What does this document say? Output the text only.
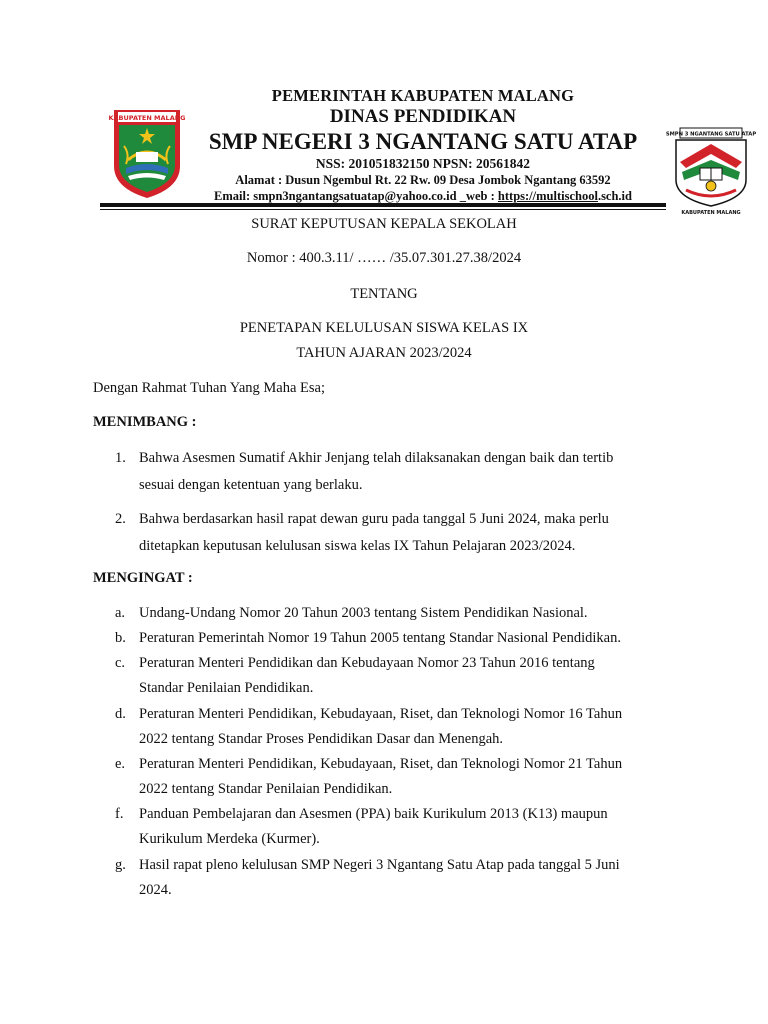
KABUPATEN MALANG
SMPN 3 NGANTANG SATU ATAP
KABUPATEN MALANG
PEMERINTAH KABUPATEN MALANG
DINAS PENDIDIKAN
SMP NEGERI 3 NGANTANG SATU ATAP
NSS: 201051832150 NPSN: 20561842
Alamat : Dusun Ngembul Rt. 22 Rw. 09 Desa Jombok Ngantang 63592
Email: smpn3ngantangsatuatap@yahoo.co.id _web : https://multischool.sch.id
SURAT KEPUTUSAN KEPALA SEKOLAH
Nomor : 400.3.11/ …… /35.07.301.27.38/2024
TENTANG
PENETAPAN KELULUSAN SISWA KELAS IX
TAHUN AJARAN 2023/2024
Dengan Rahmat Tuhan Yang Maha Esa;
MENIMBANG :
1. Bahwa Asesmen Sumatif Akhir Jenjang telah dilaksanakan dengan baik dan tertib
sesuai dengan ketentuan yang berlaku.
2. Bahwa berdasarkan hasil rapat dewan guru pada tanggal 5 Juni 2024, maka perlu
ditetapkan keputusan kelulusan siswa kelas IX Tahun Pelajaran 2023/2024.
MENGINGAT :
a. Undang-Undang Nomor 20 Tahun 2003 tentang Sistem Pendidikan Nasional.
b. Peraturan Pemerintah Nomor 19 Tahun 2005 tentang Standar Nasional Pendidikan.
c. Peraturan Menteri Pendidikan dan Kebudayaan Nomor 23 Tahun 2016 tentang
Standar Penilaian Pendidikan.
d. Peraturan Menteri Pendidikan, Kebudayaan, Riset, dan Teknologi Nomor 16 Tahun
2022 tentang Standar Proses Pendidikan Dasar dan Menengah.
e. Peraturan Menteri Pendidikan, Kebudayaan, Riset, dan Teknologi Nomor 21 Tahun
2022 tentang Standar Penilaian Pendidikan.
f. Panduan Pembelajaran dan Asesmen (PPA) baik Kurikulum 2013 (K13) maupun
Kurikulum Merdeka (Kurmer).
g. Hasil rapat pleno kelulusan SMP Negeri 3 Ngantang Satu Atap pada tanggal 5 Juni
2024.
